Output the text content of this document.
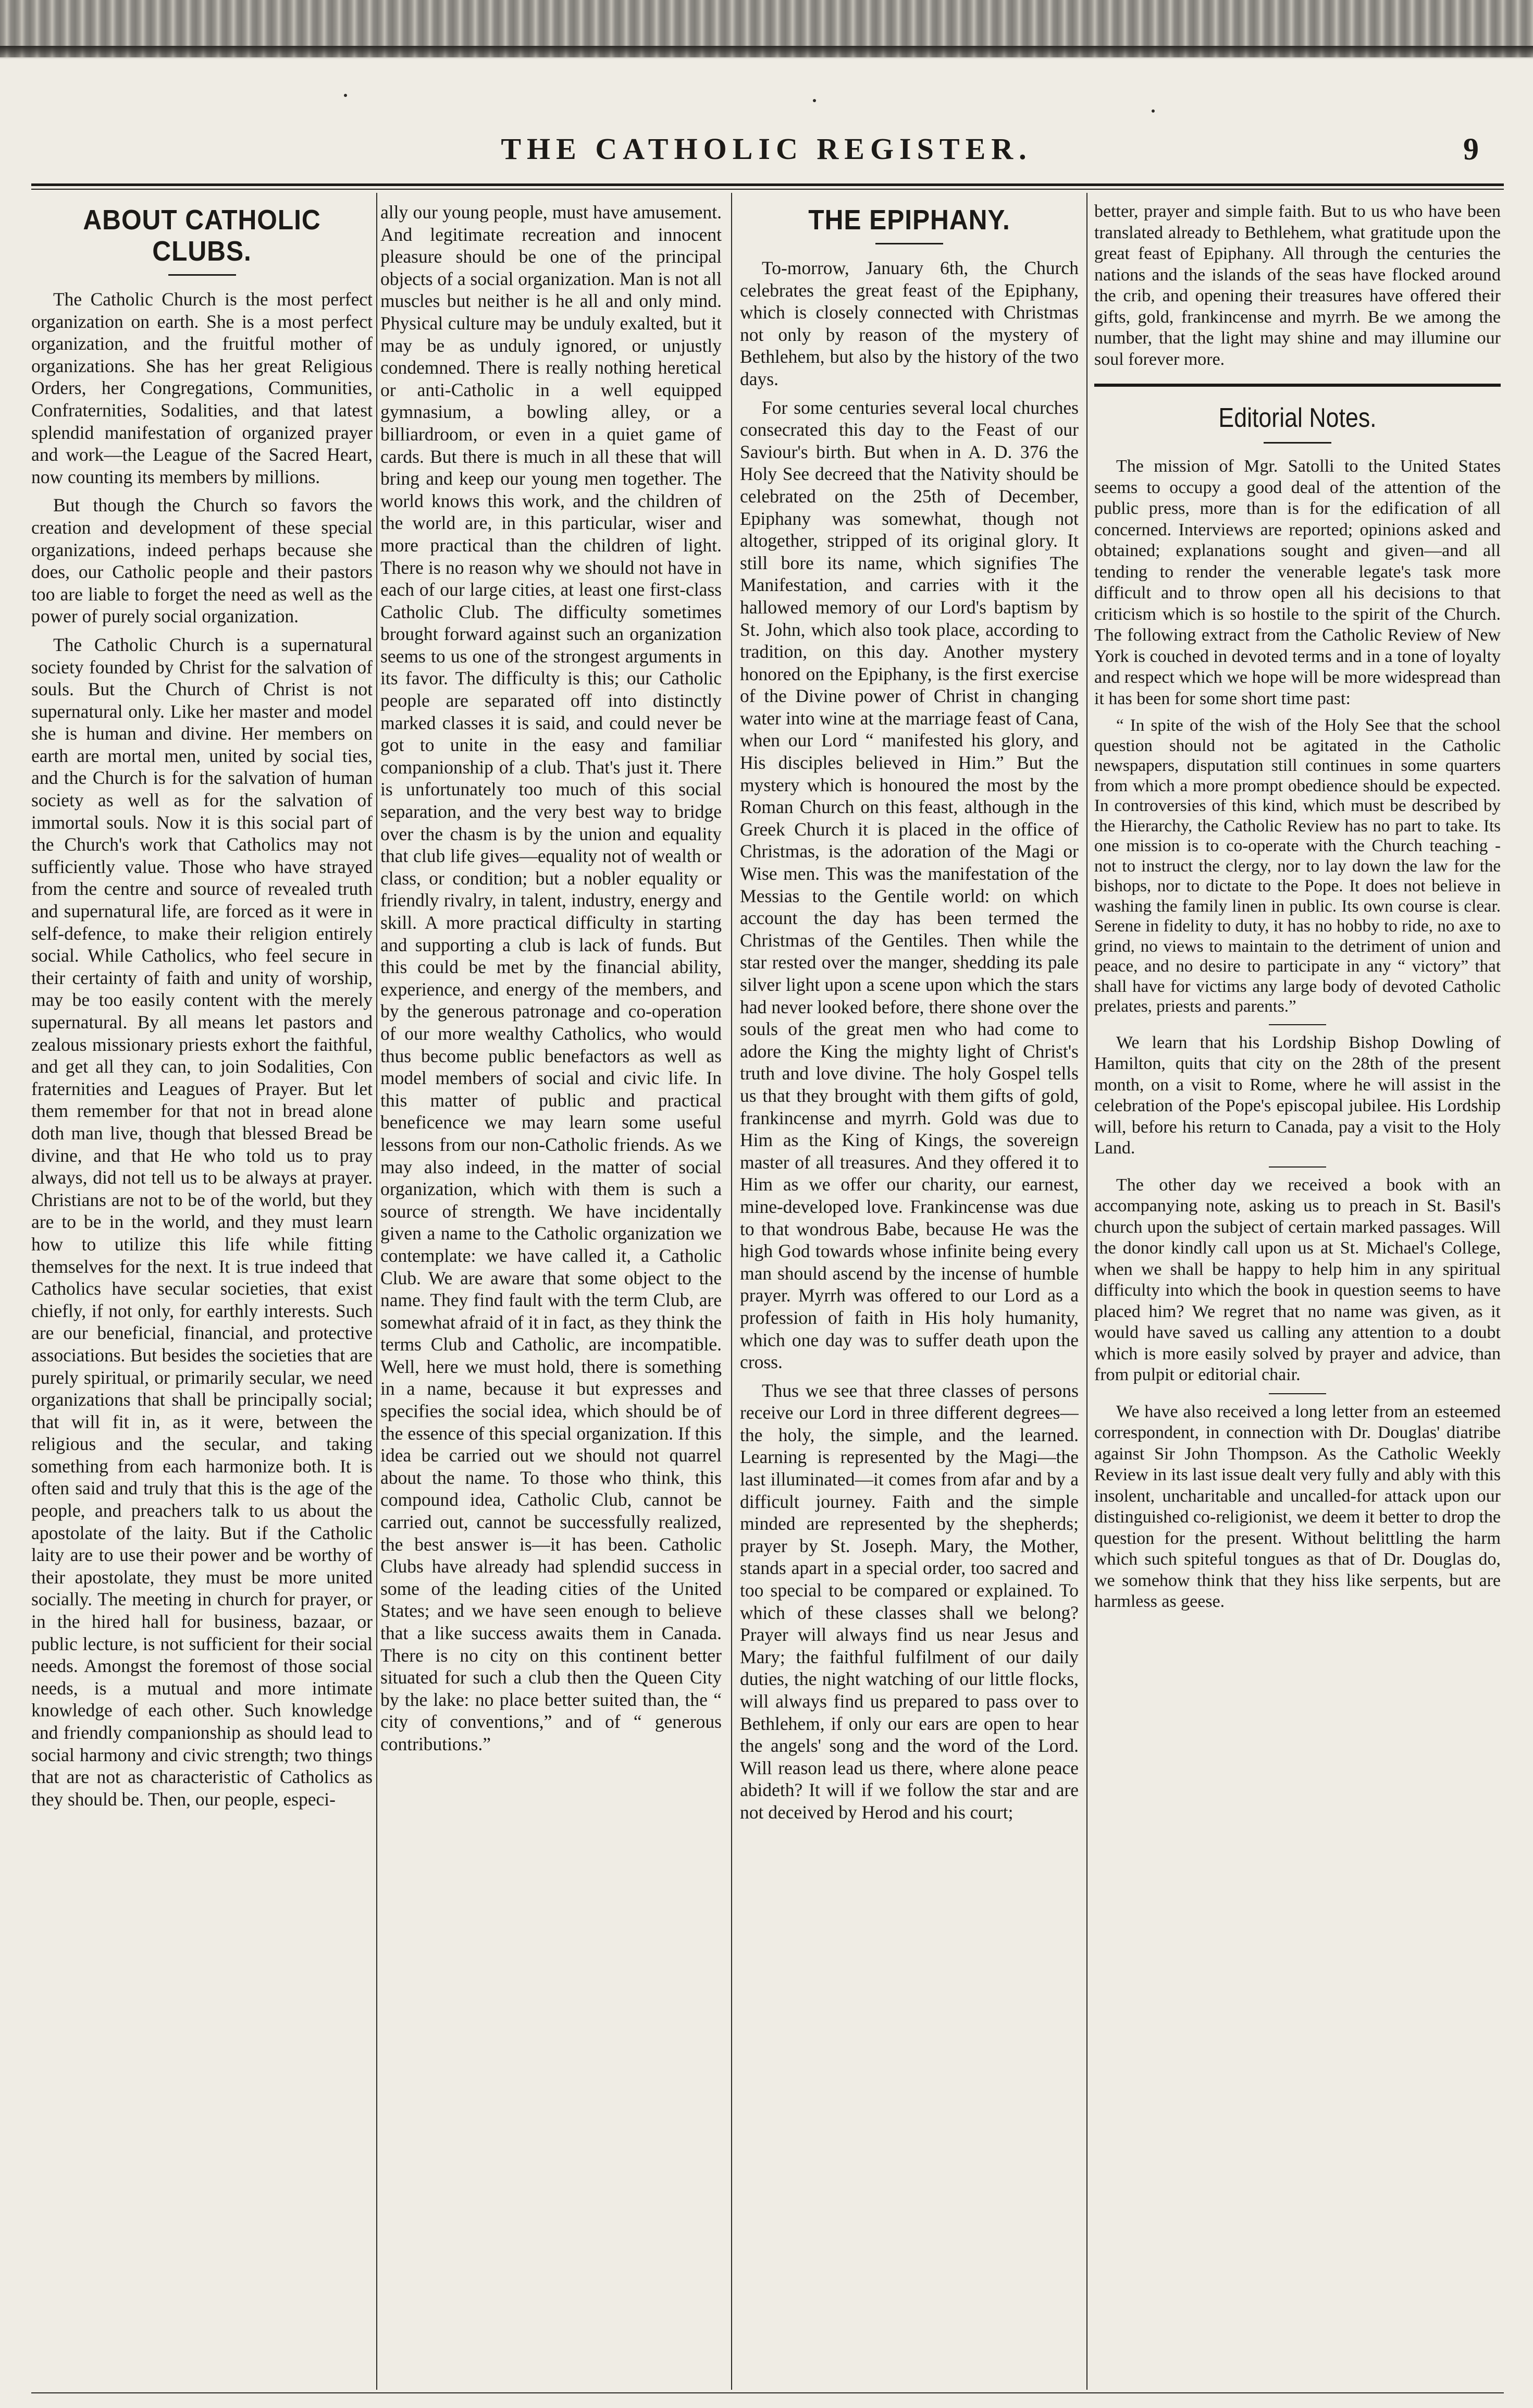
THE CATHOLIC REGISTER.	9
ABOUT CATHOLIC CLUBS.

The Catholic Church is the most perfect organization on earth. She is a most perfect organization, and the fruitful mother of organizations. She has her great Religious Orders, her Congregations, Communities, Confraternities, Sodalities, and that latest splendid manifestation of organized prayer and work—the League of the Sacred Heart, now counting its members by millions.

But though the Church so favors the creation and development of these special organizations, indeed perhaps because she does, our Catholic people and their pastors too are liable to forget the need as well as the power of purely social organization.

The Catholic Church is a supernatural society founded by Christ for the salvation of souls. But the Church of Christ is not supernatural only. Like her master and model she is human and divine. Her members on earth are mortal men, united by social ties, and the Church is for the salvation of human society as well as for the salvation of immortal souls. Now it is this social part of the Church's work that Catholics may not sufficiently value. Those who have strayed from the centre and source of revealed truth and supernatural life, are forced as it were in self-defence, to make their religion entirely social. While Catholics, who feel secure in their certainty of faith and unity of worship, may be too easily content with the merely supernatural. By all means let pastors and zealous missionary priests exhort the faithful, and get all they can, to join Sodalities, Con fraternities and Leagues of Prayer. But let them remember for that not in bread alone doth man live, though that blessed Bread be divine, and that He who told us to pray always, did not tell us to be always at prayer. Christians are not to be of the world, but they are to be in the world, and they must learn how to utilize this life while fitting themselves for the next. It is true indeed that Catholics have secular societies, that exist chiefly, if not only, for earthly interests. Such are our beneficial, financial, and protective associations. But besides the societies that are purely spiritual, or primarily secular, we need organizations that shall be principally social; that will fit in, as it were, between the religious and the secular, and taking something from each harmonize both. It is often said and truly that this is the age of the people, and preachers talk to us about the apostolate of the laity. But if the Catholic laity are to use their power and be worthy of their apostolate, they must be more united socially. The meeting in church for prayer, or in the hired hall for business, bazaar, or public lecture, is not sufficient for their social needs. Amongst the foremost of those social needs, is a mutual and more intimate knowledge of each other. Such knowledge and friendly companionship as should lead to social harmony and civic strength; two things that are not as characteristic of Catholics as they should be. Then, our people, especi-

ally our young people, must have amusement. And legitimate recreation and innocent pleasure should be one of the principal objects of a social organization. Man is not all muscles but neither is he all and only mind. Physical culture may be unduly exalted, but it may be as unduly ignored, or unjustly condemned. There is really nothing heretical or anti-Catholic in a well equipped gymnasium, a bowling alley, or a billiardroom, or even in a quiet game of cards. But there is much in all these that will bring and keep our young men together. The world knows this work, and the children of the world are, in this particular, wiser and more practical than the children of light. There is no reason why we should not have in each of our large cities, at least one first-class Catholic Club. The difficulty sometimes brought forward against such an organization seems to us one of the strongest arguments in its favor. The difficulty is this; our Catholic people are separated off into distinctly marked classes it is said, and could never be got to unite in the easy and familiar companionship of a club. That's just it. There is unfortunately too much of this social separation, and the very best way to bridge over the chasm is by the union and equality that club life gives—equality not of wealth or class, or condition; but a nobler equality or friendly rivalry, in talent, industry, energy and skill. A more practical difficulty in starting and supporting a club is lack of funds. But this could be met by the financial ability, experience, and energy of the members, and by the generous patronage and co-operation of our more wealthy Catholics, who would thus become public benefactors as well as model members of social and civic life. In this matter of public and practical beneficence we may learn some useful lessons from our non-Catholic friends. As we may also indeed, in the matter of social organization, which with them is such a source of strength. We have incidentally given a name to the Catholic organization we contemplate: we have called it, a Catholic Club. We are aware that some object to the name. They find fault with the term Club, are somewhat afraid of it in fact, as they think the terms Club and Catholic, are incompatible. Well, here we must hold, there is something in a name, because it but expresses and specifies the social idea, which should be of the essence of this special organization. If this idea be carried out we should not quarrel about the name. To those who think, this compound idea, Catholic Club, cannot be carried out, cannot be successfully realized, the best answer is—it has been. Catholic Clubs have already had splendid success in some of the leading cities of the United States; and we have seen enough to believe that a like success awaits them in Canada. There is no city on this continent better situated for such a club then the Queen City by the lake: no place better suited than, the “ city of conventions,” and of “ generous contributions.”

THE EPIPHANY.

To-morrow, January 6th, the Church celebrates the great feast of the Epiphany, which is closely connected with Christmas not only by reason of the mystery of Bethlehem, but also by the history of the two days.

For some centuries several local churches consecrated this day to the Feast of our Saviour's birth. But when in A. D. 376 the Holy See decreed that the Nativity should be celebrated on the 25th of December, Epiphany was somewhat, though not altogether, stripped of its original glory. It still bore its name, which signifies The Manifestation, and carries with it the hallowed memory of our Lord's baptism by St. John, which also took place, according to tradition, on this day. Another mystery honored on the Epiphany, is the first exercise of the Divine power of Christ in changing water into wine at the marriage feast of Cana, when our Lord “ manifested his glory, and His disciples believed in Him.” But the mystery which is honoured the most by the Roman Church on this feast, although in the Greek Church it is placed in the office of Christmas, is the adoration of the Magi or Wise men. This was the manifestation of the Messias to the Gentile world: on which account the day has been termed the Christmas of the Gentiles. Then while the star rested over the manger, shedding its pale silver light upon a scene upon which the stars had never looked before, there shone over the souls of the great men who had come to adore the King the mighty light of Christ's truth and love divine. The holy Gospel tells us that they brought with them gifts of gold, frankincense and myrrh. Gold was due to Him as the King of Kings, the sovereign master of all treasures. And they offered it to Him as we offer our charity, our earnest, mine-developed love. Frankincense was due to that wondrous Babe, because He was the high God towards whose infinite being every man should ascend by the incense of humble prayer. Myrrh was offered to our Lord as a profession of faith in His holy humanity, which one day was to suffer death upon the cross.

Thus we see that three classes of persons receive our Lord in three different degrees—the holy, the simple, and the learned. Learning is represented by the Magi—the last illuminated—it comes from afar and by a difficult journey. Faith and the simple minded are represented by the shepherds; prayer by St. Joseph. Mary, the Mother, stands apart in a special order, too sacred and too special to be compared or explained. To which of these classes shall we belong? Prayer will always find us near Jesus and Mary; the faithful fulfilment of our daily duties, the night watching of our little flocks, will always find us prepared to pass over to Bethlehem, if only our ears are open to hear the angels' song and the word of the Lord. Will reason lead us there, where alone peace abideth? It will if we follow the star and are not deceived by Herod and his court;

better, prayer and simple faith. But to us who have been translated already to Bethlehem, what gratitude upon the great feast of Epiphany. All through the centuries the nations and the islands of the seas have flocked around the crib, and opening their treasures have offered their gifts, gold, frankincense and myrrh. Be we among the number, that the light may shine and may illumine our soul forever more.

Editorial Notes.

The mission of Mgr. Satolli to the United States seems to occupy a good deal of the attention of the public press, more than is for the edification of all concerned. Interviews are reported; opinions asked and obtained; explanations sought and given—and all tending to render the venerable legate's task more difficult and to throw open all his decisions to that criticism which is so hostile to the spirit of the Church. The following extract from the Catholic Review of New York is couched in devoted terms and in a tone of loyalty and respect which we hope will be more widespread than it has been for some short time past:

“ In spite of the wish of the Holy See that the school question should not be agitated in the Catholic newspapers, disputation still continues in some quarters from which a more prompt obedience should be expected. In controversies of this kind, which must be described by the Hierarchy, the Catholic Review has no part to take. Its one mission is to co-operate with the Church teaching - not to instruct the clergy, nor to lay down the law for the bishops, nor to dictate to the Pope. It does not believe in washing the family linen in public. Its own course is clear. Serene in fidelity to duty, it has no hobby to ride, no axe to grind, no views to maintain to the detriment of union and peace, and no desire to participate in any “ victory” that shall have for victims any large body of devoted Catholic prelates, priests and parents.”

We learn that his Lordship Bishop Dowling of Hamilton, quits that city on the 28th of the present month, on a visit to Rome, where he will assist in the celebration of the Pope's episcopal jubilee. His Lordship will, before his return to Canada, pay a visit to the Holy Land.

The other day we received a book with an accompanying note, asking us to preach in St. Basil's church upon the subject of certain marked passages. Will the donor kindly call upon us at St. Michael's College, when we shall be happy to help him in any spiritual difficulty into which the book in question seems to have placed him? We regret that no name was given, as it would have saved us calling any attention to a doubt which is more easily solved by prayer and advice, than from pulpit or editorial chair.

We have also received a long letter from an esteemed correspondent, in connection with Dr. Douglas' diatribe against Sir John Thompson. As the Catholic Weekly Review in its last issue dealt very fully and ably with this insolent, uncharitable and uncalled-for attack upon our distinguished co-religionist, we deem it better to drop the question for the present. Without belittling the harm which such spiteful tongues as that of Dr. Douglas do, we somehow think that they hiss like serpents, but are harmless as geese.
